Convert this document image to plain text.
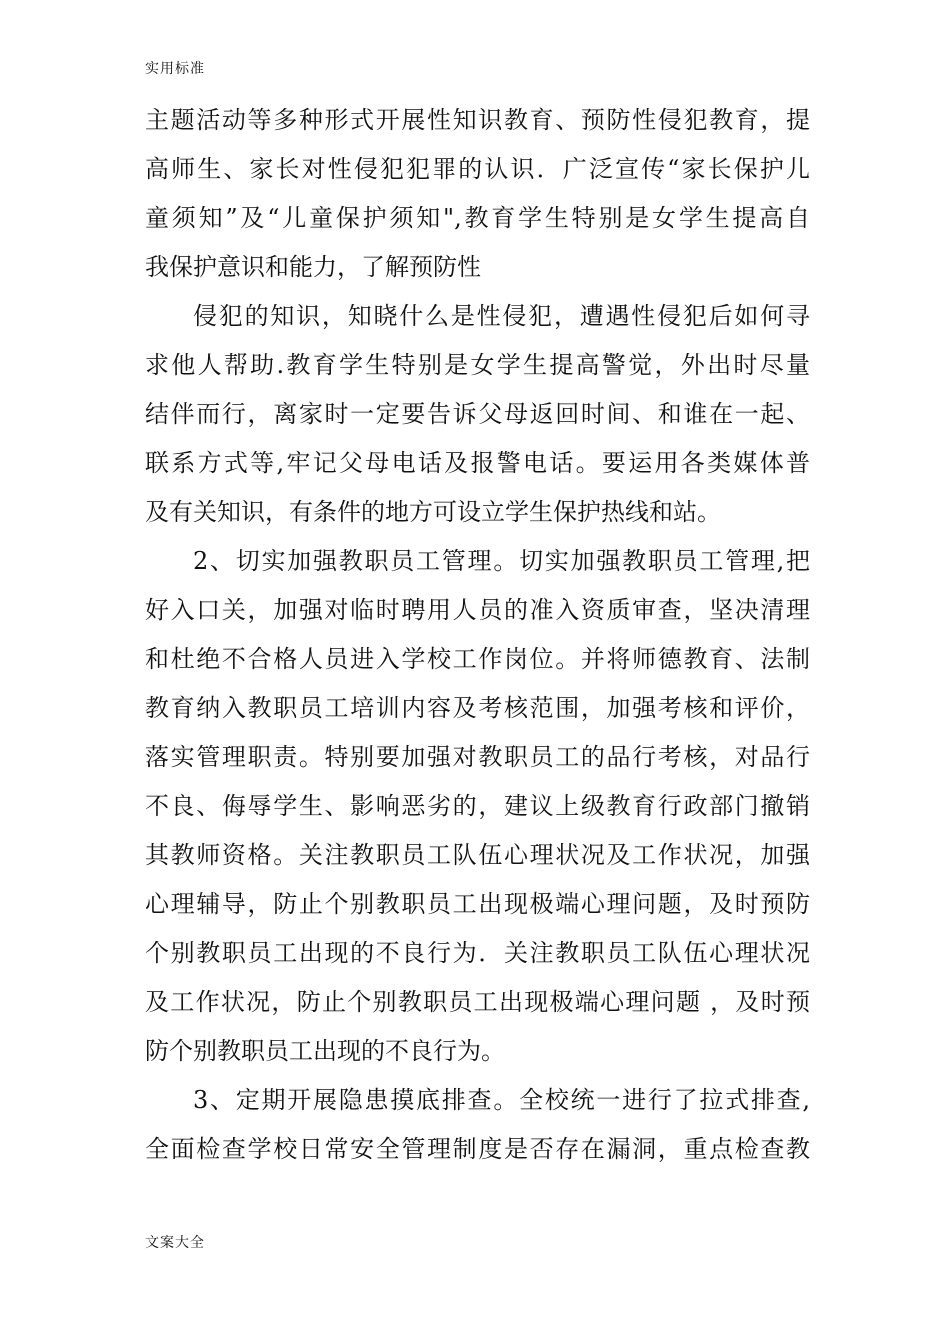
实用标准
主题活动等多种形式开展性知识教育、预防性侵犯教育，提
高师生、家长对性侵犯犯罪的认识．广泛宣传“家长保护儿
童须知”及“儿童保护须知",教育学生特别是女学生提高自
我保护意识和能力，了解预防性
侵犯的知识，知晓什么是性侵犯，遭遇性侵犯后如何寻
求他人帮助.教育学生特别是女学生提高警觉，外出时尽量
结伴而行，离家时一定要告诉父母返回时间、和谁在一起、
联系方式等,牢记父母电话及报警电话。要运用各类媒体普
及有关知识，有条件的地方可设立学生保护热线和站。
2、切实加强教职员工管理。切实加强教职员工管理,把
好入口关，加强对临时聘用人员的准入资质审查，坚决清理
和杜绝不合格人员进入学校工作岗位。并将师德教育、法制
教育纳入教职员工培训内容及考核范围，加强考核和评价，
落实管理职责。特别要加强对教职员工的品行考核，对品行
不良、侮辱学生、影响恶劣的，建议上级教育行政部门撤销
其教师资格。关注教职员工队伍心理状况及工作状况，加强
心理辅导，防止个别教职员工出现极端心理问题，及时预防
个别教职员工出现的不良行为．关注教职员工队伍心理状况
及工作状况，防止个别教职员工出现极端心理问题 ，及时预
防个别教职员工出现的不良行为。
3、定期开展隐患摸底排查。全校统一进行了拉式排查,
全面检查学校日常安全管理制度是否存在漏洞，重点检查教
文案大全
